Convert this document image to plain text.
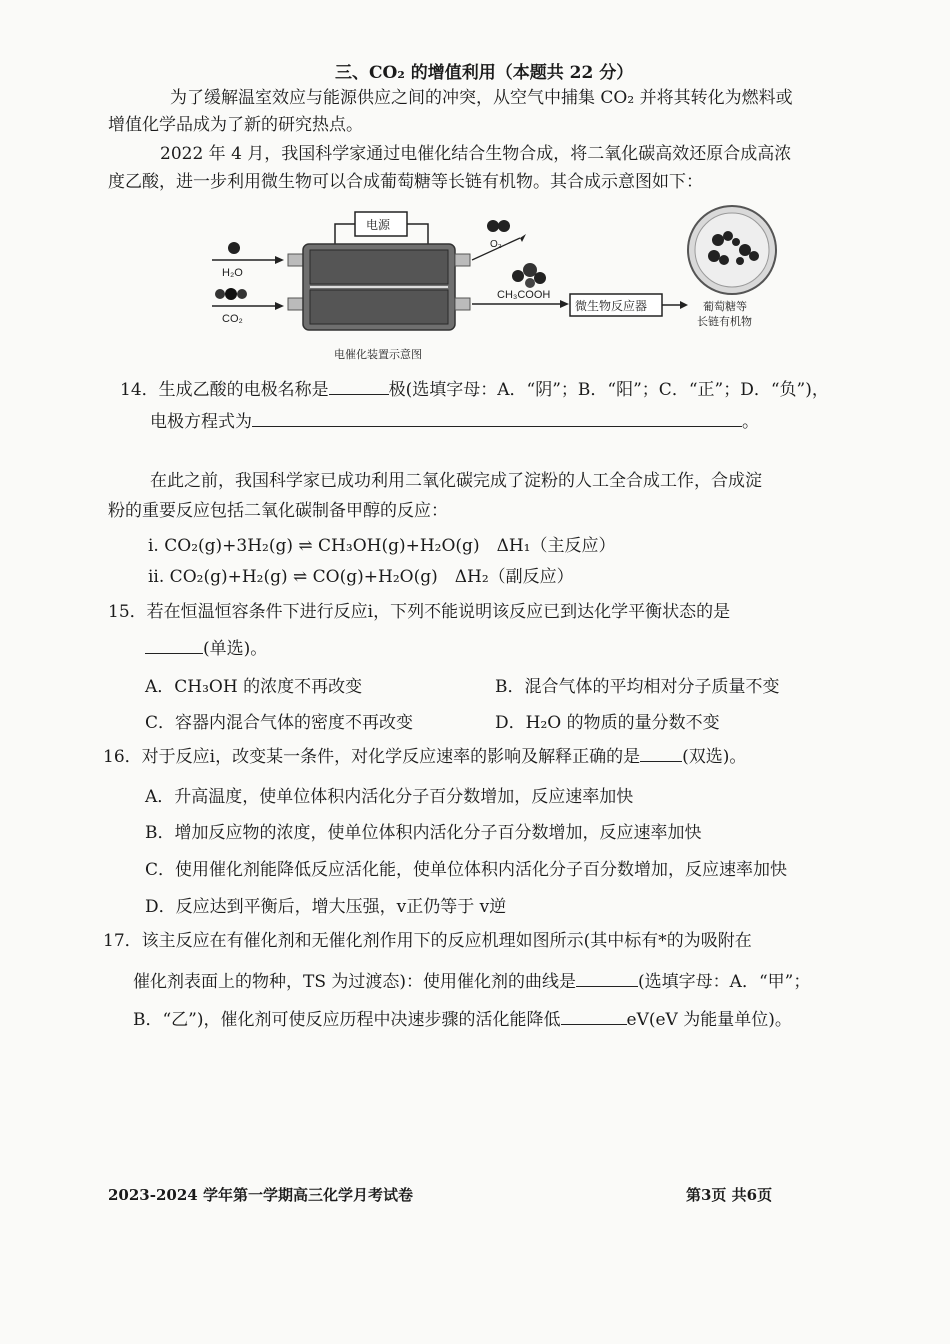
三、CO₂ 的增值利用（本题共 22 分）
为了缓解温室效应与能源供应之间的冲突，从空气中捕集 CO₂ 并将其转化为燃料或
增值化学品成为了新的研究热点。
2022 年 4 月，我国科学家通过电催化结合生物合成，将二氧化碳高效还原合成高浓
度乙酸，进一步利用微生物可以合成葡萄糖等长链有机物。其合成示意图如下：
H₂O
CO₂
电源
O₂
CH₃COOH
微生物反应器	葡萄糖等
长链有机物
电催化装置示意图
14．生成乙酸的电极名称是	极(选填字母：A．“阴”；B．“阳”；C．“正”；D．“负”)，
电极方程式为	。
在此之前，我国科学家已成功利用二氧化碳完成了淀粉的人工全合成工作，合成淀
粉的重要反应包括二氧化碳制备甲醇的反应：
i. CO₂(g)+3H₂(g) ⇌ CH₃OH(g)+H₂O(g)　ΔH₁（主反应）
ii. CO₂(g)+H₂(g) ⇌ CO(g)+H₂O(g)　ΔH₂（副反应）
15．若在恒温恒容条件下进行反应i，下列不能说明该反应已到达化学平衡状态的是
(单选)。
A．CH₃OH 的浓度不再改变	B．混合气体的平均相对分子质量不变
C．容器内混合气体的密度不再改变	D．H₂O 的物质的量分数不变
16．对于反应i，改变某一条件，对化学反应速率的影响及解释正确的是 (双选)。
A．升高温度，使单位体积内活化分子百分数增加，反应速率加快
B．增加反应物的浓度，使单位体积内活化分子百分数增加，反应速率加快
C．使用催化剂能降低反应活化能，使单位体积内活化分子百分数增加，反应速率加快
D．反应达到平衡后，增大压强，v正仍等于 v逆
17．该主反应在有催化剂和无催化剂作用下的反应机理如图所示(其中标有*的为吸附在
催化剂表面上的物种，TS 为过渡态)：使用催化剂的曲线是	(选填字母：A．“甲”；
B．“乙”)，催化剂可使反应历程中决速步骤的活化能降低	eV(eV 为能量单位)。
2023-2024 学年第一学期高三化学月考试卷	第3页 共6页
